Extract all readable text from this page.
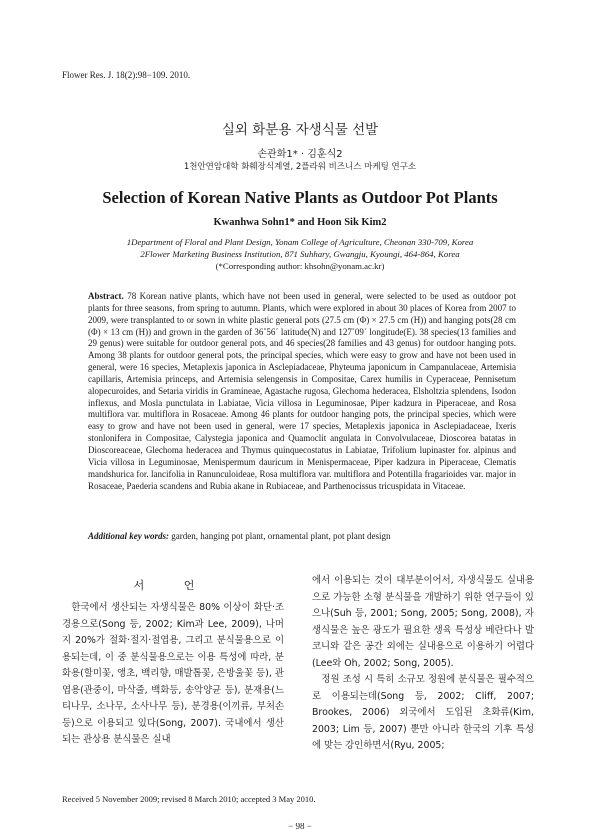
Flower Res. J. 18(2):98−109. 2010.
실외 화분용 자생식물 선발
손관화1* · 김훈식2
1천안연암대학 화훼장식계열, 2플라워 비즈니스 마케팅 연구소
Selection of Korean Native Plants as Outdoor Pot Plants
Kwanhwa Sohn1* and Hoon Sik Kim2
1Department of Floral and Plant Design, Yonam College of Agriculture, Cheonan 330-709, Korea
2Flower Marketing Business Institution, 871 Suhhary, Gwangju, Kyoungi, 464-864, Korea
(*Corresponding author: khsohn@yonam.ac.kr)
Abstract. 78 Korean native plants, which have not been used in general, were selected to be used as outdoor pot plants for three seasons, from spring to autumn. Plants, which were explored in about 30 places of Korea from 2007 to 2009, were transplanted to or sown in white plastic general pots (27.5 cm (Φ) × 27.5 cm (H)) and hanging pots(28 cm (Φ) × 13 cm (H)) and grown in the garden of 36˚56´ latitude(N) and 127˚09´ longitude(E). 38 species(13 families and 29 genus) were suitable for outdoor general pots, and 46 species(28 families and 43 genus) for outdoor hanging pots. Among 38 plants for outdoor general pots, the principal species, which were easy to grow and have not been used in general, were 16 species, Metaplexis japonica in Asclepiadaceae, Phyteuma japonicum in Campanulaceae, Artemisia capillaris, Artemisia princeps, and Artemisia selengensis in Compositae, Carex humilis in Cyperaceae, Pennisetum alopecuroides, and Setaria viridis in Gramineae, Agastache rugosa, Glechoma hederacea, Elsholtzia splendens, Isodon inflexus, and Mosla punctulata in Labiatae, Vicia villosa in Leguminosae, Piper kadzura in Piperaceae, and Rosa multiflora var. multiflora in Rosaceae. Among 46 plants for outdoor hanging pots, the principal species, which were easy to grow and have not been used in general, were 17 species, Metaplexis japonica in Asclepiadaceae, Ixeris stonlonifera in Compositae, Calystegia japonica and Quamoclit angulata in Convolvulaceae, Dioscorea batatas in Dioscoreaceae, Glechoma hederacea and Thymus quinquecostatus in Labiatae, Trifolium lupinaster for. alpinus and Vicia villosa in Leguminosae, Menispermum dauricum in Menispermaceae, Piper kadzura in Piperaceae, Clematis mandshurica for. lancifolia in Ranunculoideae, Rosa multiflora var. multiflora and Potentilla fragarioides var. major in Rosaceae, Paederia scandens and Rubia akane in Rubiaceae, and Parthenocissus tricuspidata in Vitaceae.
Additional key words: garden, hanging pot plant, ornamental plant, pot plant design
서 언

한국에서 생산되는 자생식물은 80% 이상이 화단·조경용으로(Song 등, 2002; Kim과 Lee, 2009), 나머지 20%가 절화·절지·절엽용, 그리고 분식물용으로 이용되는데, 이 중 분식물용으로는 이용 특성에 따라, 분화용(할미꽃, 앵초, 백리향, 매발톱꽃, 은방울꽃 등), 관엽용(관중이, 마삭줄, 백화등, 송악양균 등), 분재용(느티나무, 소나무, 소사나무 등), 분경용(이끼류, 부처손 등)으로 이용되고 있다(Song, 2007). 국내에서 생산되는 관상용 분식물은 실내

에서 이용되는 것이 대부분이어서, 자생식물도 실내용으로 가능한 소형 분식물을 개발하기 위한 연구들이 있으나(Suh 등, 2001; Song, 2005; Song, 2008), 자생식물은 높은 광도가 필요한 생육 특성상 베란다나 발코니와 같은 공간 외에는 실내용으로 이용하기 어렵다(Lee와 Oh, 2002; Song, 2005).

정원 조성 시 특히 소규모 정원에 분식물은 필수적으로 이용되는데(Song 등, 2002; Cliff, 2007; Brookes, 2006) 외국에서 도입된 초화류(Kim, 2003; Lim 등, 2007) 뿐만 아니라 한국의 기후 특성에 맞는 강인하면서(Ryu, 2005;

Received 5 November 2009; revised 8 March 2010; accepted 3 May 2010.
− 98 −
